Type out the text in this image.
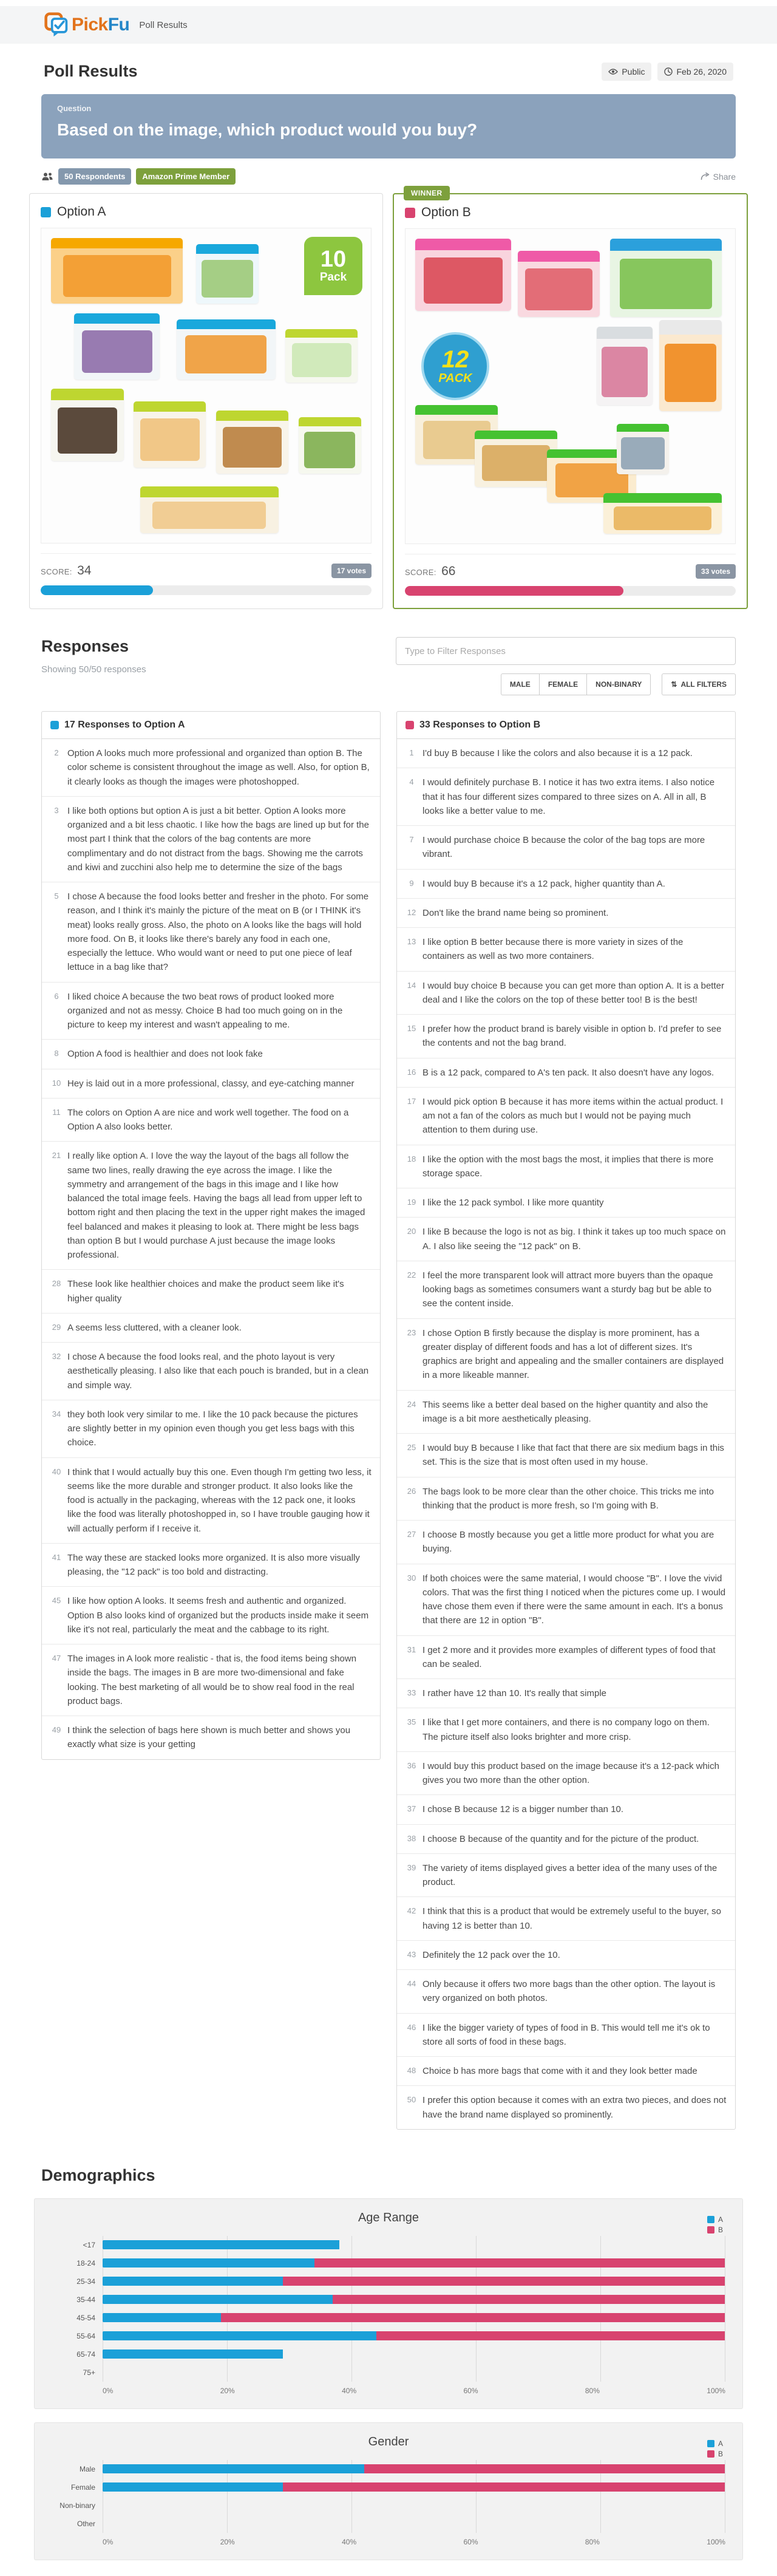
PickFu Poll Results
Poll Results	Public	Feb 26, 2020
Question
Based on the image, which product would you buy?
50 Respondents	Amazon Prime Member	Share
Option A
10
Pack
SCORE: 34	17 votes
WINNER
Option B
12
PACK
SCORE: 66	33 votes
Responses
Showing 50/50 responses
Type to Filter Responses
MALE	FEMALE	NON-BINARY	⇅ ALL FILTERS
17 Responses to Option A
2 Option A looks much more professional and organized than option B. The color scheme is consistent throughout the image as well. Also, for option B, it clearly looks as though the images were photoshopped.
3 I like both options but option A is just a bit better. Option A looks more organized and a bit less chaotic. I like how the bags are lined up but for the most part I think that the colors of the bag contents are more complimentary and do not distract from the bags. Showing me the carrots and kiwi and zucchini also help me to determine the size of the bags
5 I chose A because the food looks better and fresher in the photo. For some reason, and I think it's mainly the picture of the meat on B (or I THINK it's meat) looks really gross. Also, the photo on A looks like the bags will hold more food. On B, it looks like there's barely any food in each one, especially the lettuce. Who would want or need to put one piece of leaf lettuce in a bag like that?
6 I liked choice A because the two beat rows of product looked more organized and not as messy. Choice B had too much going on in the picture to keep my interest and wasn't appealing to me.
8 Option A food is healthier and does not look fake
10 Hey is laid out in a more professional, classy, and eye-catching manner
11 The colors on Option A are nice and work well together. The food on a Option A also looks better.
21 I really like option A. I love the way the layout of the bags all follow the same two lines, really drawing the eye across the image. I like the symmetry and arrangement of the bags in this image and I like how balanced the total image feels. Having the bags all lead from upper left to bottom right and then placing the text in the upper right makes the imaged feel balanced and makes it pleasing to look at. There might be less bags than option B but I would purchase A just because the image looks professional.
28 These look like healthier choices and make the product seem like it's higher quality
29 A seems less cluttered, with a cleaner look.
32 I chose A because the food looks real, and the photo layout is very aesthetically pleasing. I also like that each pouch is branded, but in a clean and simple way.
34 they both look very similar to me. I like the 10 pack because the pictures are slightly better in my opinion even though you get less bags with this choice.
40 I think that I would actually buy this one. Even though I'm getting two less, it seems like the more durable and stronger product. It also looks like the food is actually in the packaging, whereas with the 12 pack one, it looks like the food was literally photoshopped in, so I have trouble gauging how it will actually perform if I receive it.
41 The way these are stacked looks more organized. It is also more visually pleasing, the "12 pack" is too bold and distracting.
45 I like how option A looks. It seems fresh and authentic and organized. Option B also looks kind of organized but the products inside make it seem like it's not real, particularly the meat and the cabbage to its right.
47 The images in A look more realistic - that is, the food items being shown inside the bags. The images in B are more two-dimensional and fake looking. The best marketing of all would be to show real food in the real product bags.
49 I think the selection of bags here shown is much better and shows you exactly what size is your getting
33 Responses to Option B
1 I'd buy B because I like the colors and also because it is a 12 pack.
4 I would definitely purchase B. I notice it has two extra items. I also notice that it has four different sizes compared to three sizes on A. All in all, B looks like a better value to me.
7 I would purchase choice B because the color of the bag tops are more vibrant.
9 I would buy B because it's a 12 pack, higher quantity than A.
12 Don't like the brand name being so prominent.
13 I like option B better because there is more variety in sizes of the containers as well as two more containers.
14 I would buy choice B because you can get more than option A. It is a better deal and I like the colors on the top of these better too! B is the best!
15 I prefer how the product brand is barely visible in option b. I'd prefer to see the contents and not the bag brand.
16 B is a 12 pack, compared to A's ten pack. It also doesn't have any logos.
17 I would pick option B because it has more items within the actual product. I am not a fan of the colors as much but I would not be paying much attention to them during use.
18 I like the option with the most bags the most, it implies that there is more storage space.
19 I like the 12 pack symbol. I like more quantity
20 I like B because the logo is not as big. I think it takes up too much space on A. I also like seeing the "12 pack" on B.
22 I feel the more transparent look will attract more buyers than the opaque looking bags as sometimes consumers want a sturdy bag but be able to see the content inside.
23 I chose Option B firstly because the display is more prominent, has a greater display of different foods and has a lot of different sizes. It's graphics are bright and appealing and the smaller containers are displayed in a more likeable manner.
24 This seems like a better deal based on the higher quantity and also the image is a bit more aesthetically pleasing.
25 I would buy B because I like that fact that there are six medium bags in this set. This is the size that is most often used in my house.
26 The bags look to be more clear than the other choice. This tricks me into thinking that the product is more fresh, so I'm going with B.
27 I choose B mostly because you get a little more product for what you are buying.
30 If both choices were the same material, I would choose "B". I love the vivid colors. That was the first thing I noticed when the pictures come up. I would have chose them even if there were the same amount in each. It's a bonus that there are 12 in option "B".
31 I get 2 more and it provides more examples of different types of food that can be sealed.
33 I rather have 12 than 10. It's really that simple
35 I like that I get more containers, and there is no company logo on them. The picture itself also looks brighter and more crisp.
36 I would buy this product based on the image because it's a 12-pack which gives you two more than the other option.
37 I chose B because 12 is a bigger number than 10.
38 I choose B because of the quantity and for the picture of the product.
39 The variety of items displayed gives a better idea of the many uses of the product.
42 I think that this is a product that would be extremely useful to the buyer, so having 12 is better than 10.
43 Definitely the 12 pack over the 10.
44 Only because it offers two more bags than the other option. The layout is very organized on both photos.
46 I like the bigger variety of types of food in B. This would tell me it's ok to store all sorts of food in these bags.
48 Choice b has more bags that come with it and they look better made
50 I prefer this option because it comes with an extra two pieces, and does not have the brand name displayed so prominently.
Demographics
Age Range	A
B
<17
18-24
25-34
35-44
45-54
55-64
65-74
75+
0%	20%	40%	60%	80%	100%
Gender	A
B
Male
Female
Non-binary
Other
0%	20%	40%	60%	80%	100%
